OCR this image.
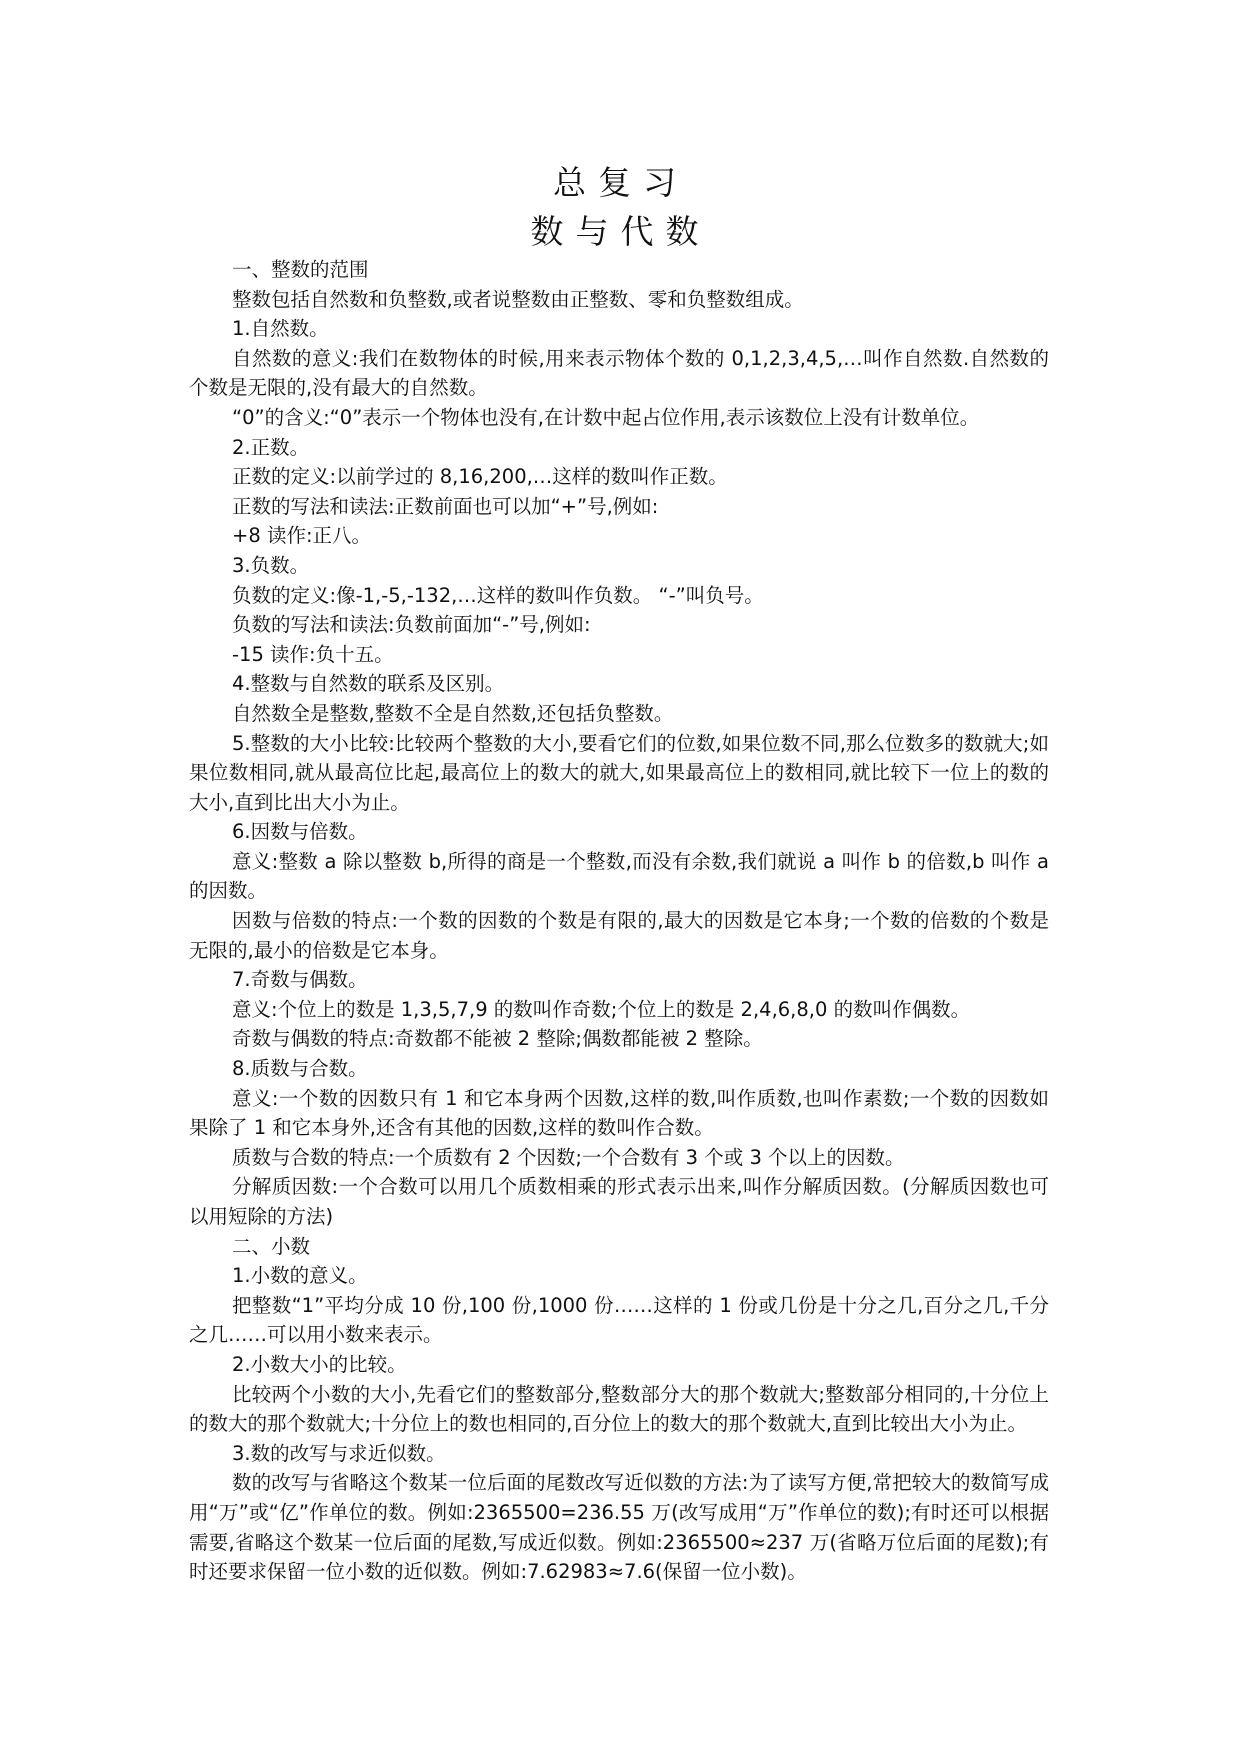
总复习
数与代数

一、整数的范围

整数包括自然数和负整数,或者说整数由正整数、零和负整数组成。

1.自然数。

自然数的意义:我们在数物体的时候,用来表示物体个数的 0,1,2,3,4,5,…叫作自然数.自然数的个数是无限的,没有最大的自然数。

“0”的含义:“0”表示一个物体也没有,在计数中起占位作用,表示该数位上没有计数单位。

2.正数。

正数的定义:以前学过的 8,16,200,…这样的数叫作正数。

正数的写法和读法:正数前面也可以加“+”号,例如:

+8 读作:正八。

3.负数。

负数的定义:像-1,-5,-132,…这样的数叫作负数。 “-”叫负号。

负数的写法和读法:负数前面加“-”号,例如:

-15 读作:负十五。

4.整数与自然数的联系及区别。

自然数全是整数,整数不全是自然数,还包括负整数。

5.整数的大小比较:比较两个整数的大小,要看它们的位数,如果位数不同,那么位数多的数就大;如果位数相同,就从最高位比起,最高位上的数大的就大,如果最高位上的数相同,就比较下一位上的数的大小,直到比出大小为止。

6.因数与倍数。

意义:整数 a 除以整数 b,所得的商是一个整数,而没有余数,我们就说 a 叫作 b 的倍数,b 叫作 a 的因数。

因数与倍数的特点:一个数的因数的个数是有限的,最大的因数是它本身;一个数的倍数的个数是无限的,最小的倍数是它本身。

7.奇数与偶数。

意义:个位上的数是 1,3,5,7,9 的数叫作奇数;个位上的数是 2,4,6,8,0 的数叫作偶数。

奇数与偶数的特点:奇数都不能被 2 整除;偶数都能被 2 整除。

8.质数与合数。

意义:一个数的因数只有 1 和它本身两个因数,这样的数,叫作质数,也叫作素数;一个数的因数如果除了 1 和它本身外,还含有其他的因数,这样的数叫作合数。

质数与合数的特点:一个质数有 2 个因数;一个合数有 3 个或 3 个以上的因数。

分解质因数:一个合数可以用几个质数相乘的形式表示出来,叫作分解质因数。(分解质因数也可以用短除的方法)

二、小数

1.小数的意义。

把整数“1”平均分成 10 份,100 份,1000 份……这样的 1 份或几份是十分之几,百分之几,千分之几……可以用小数来表示。

2.小数大小的比较。

比较两个小数的大小,先看它们的整数部分,整数部分大的那个数就大;整数部分相同的,十分位上的数大的那个数就大;十分位上的数也相同的,百分位上的数大的那个数就大,直到比较出大小为止。

3.数的改写与求近似数。

数的改写与省略这个数某一位后面的尾数改写近似数的方法:为了读写方便,常把较大的数简写成用“万”或“亿”作单位的数。例如:2365500=236.55 万(改写成用“万”作单位的数);有时还可以根据需要,省略这个数某一位后面的尾数,写成近似数。例如:2365500≈237 万(省略万位后面的尾数);有时还要求保留一位小数的近似数。例如:7.62983≈7.6(保留一位小数)。
